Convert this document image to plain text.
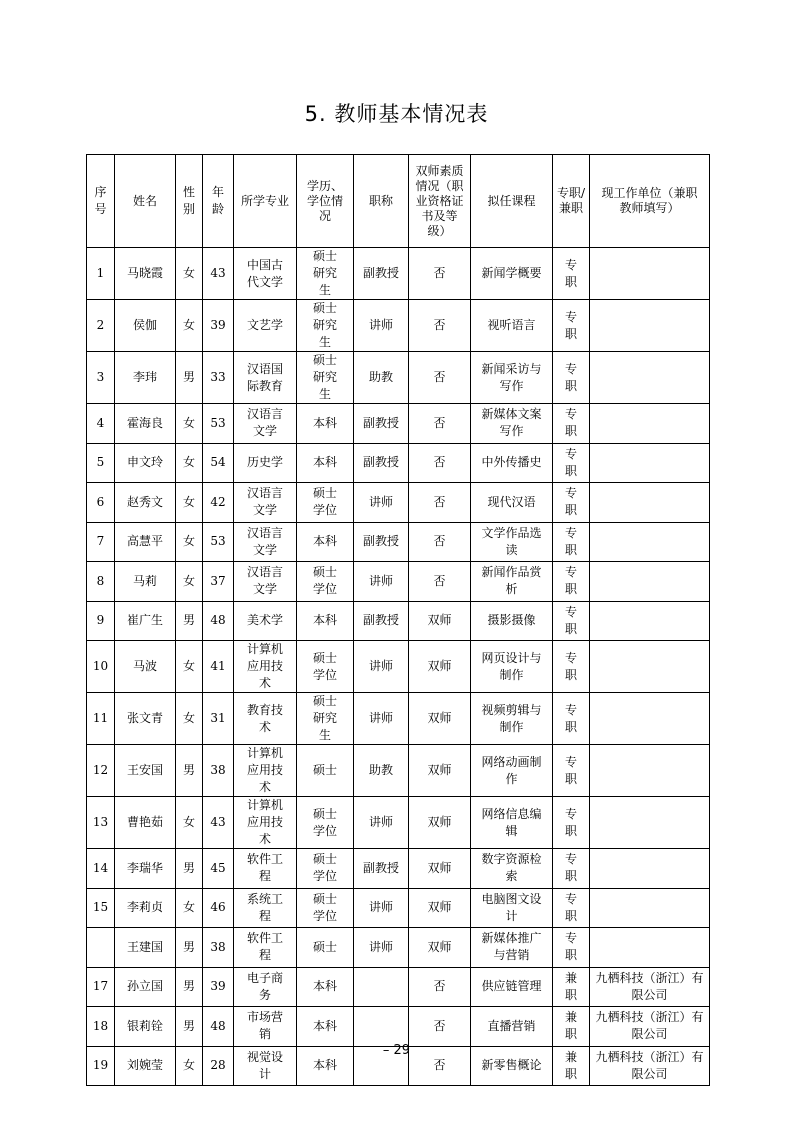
5. 教师基本情况表
序号	姓名	性别	年龄	所学专业	学历、学位情况	职称	双师素质情况（职业资格证书及等级）	拟任课程	专职/兼职	现工作单位（兼职教师填写）
1	马晓霞	女	43	中国古代文学	硕士研究生	副教授	否	新闻学概要	专职	
2	侯伽	女	39	文艺学	硕士研究生	讲师	否	视听语言	专职	
3	李玮	男	33	汉语国际教育	硕士研究生	助教	否	新闻采访与写作	专职	
4	霍海良	女	53	汉语言文学	本科	副教授	否	新媒体文案写作	专职	
5	申文玲	女	54	历史学	本科	副教授	否	中外传播史	专职	
6	赵秀文	女	42	汉语言文学	硕士学位	讲师	否	现代汉语	专职	
7	高慧平	女	53	汉语言文学	本科	副教授	否	文学作品选读	专职	
8	马莉	女	37	汉语言文学	硕士学位	讲师	否	新闻作品赏析	专职	
9	崔广生	男	48	美术学	本科	副教授	双师	摄影摄像	专职	
10	马波	女	41	计算机应用技术	硕士学位	讲师	双师	网页设计与制作	专职	
11	张文青	女	31	教育技术	硕士研究生	讲师	双师	视频剪辑与制作	专职	
12	王安国	男	38	计算机应用技术	硕士	助教	双师	网络动画制作	专职	
13	曹艳茹	女	43	计算机应用技术	硕士学位	讲师	双师	网络信息编辑	专职	
14	李瑞华	男	45	软件工程	硕士学位	副教授	双师	数字资源检索	专职	
15	李莉贞	女	46	系统工程	硕士学位	讲师	双师	电脑图文设计	专职	
	王建国	男	38	软件工程	硕士	讲师	双师	新媒体推广与营销	专职	
17	孙立国	男	39	电子商务	本科		否	供应链管理	兼职	九栖科技（浙江）有限公司
18	银莉铨	男	48	市场营销	本科		否	直播营销	兼职	九栖科技（浙江）有限公司
19	刘婉莹	女	28	视觉设计	本科		否	新零售概论	兼职	九栖科技（浙江）有限公司
– 29
